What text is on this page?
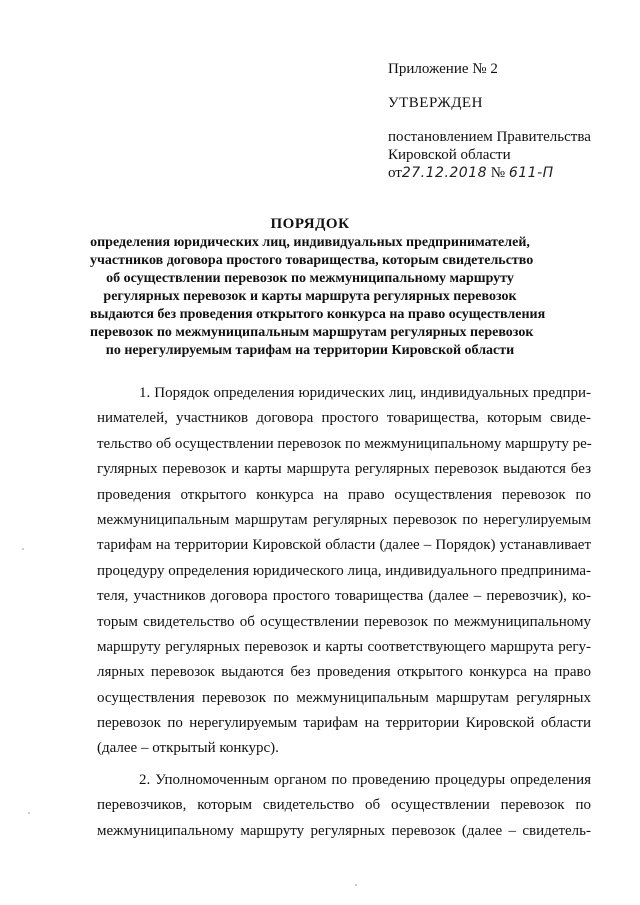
Приложение № 2
УТВЕРЖДЕН
постановлением Правительства
Кировской области
от27.12.2018 № 611-П
ПОРЯДОК
определения юридических лиц, индивидуальных предпринимателей,
участников договора простого товарищества, которым свидетельство
об осуществлении перевозок по межмуниципальному маршруту
регулярных перевозок и карты маршрута регулярных перевозок
выдаются без проведения открытого конкурса на право осуществления
перевозок по межмуниципальным маршрутам регулярных перевозок
по нерегулируемым тарифам на территории Кировской области
1. Порядок определения юридических лиц, индивидуальных предпри-
нимателей, участников договора простого товарищества, которым свиде-
тельство об осуществлении перевозок по межмуниципальному маршруту ре-
гулярных перевозок и карты маршрута регулярных перевозок выдаются без
проведения открытого конкурса на право осуществления перевозок по
межмуниципальным маршрутам регулярных перевозок по нерегулируемым
тарифам на территории Кировской области (далее – Порядок) устанавливает
процедуру определения юридического лица, индивидуального предпринима-
теля, участников договора простого товарищества (далее – перевозчик), ко-
торым свидетельство об осуществлении перевозок по межмуниципальному
маршруту регулярных перевозок и карты соответствующего маршрута регу-
лярных перевозок выдаются без проведения открытого конкурса на право
осуществления перевозок по межмуниципальным маршрутам регулярных
перевозок по нерегулируемым тарифам на территории Кировской области
(далее – открытый конкурс).
2. Уполномоченным органом по проведению процедуры определения
перевозчиков, которым свидетельство об осуществлении перевозок по
межмуниципальному маршруту регулярных перевозок (далее – свидетель-
